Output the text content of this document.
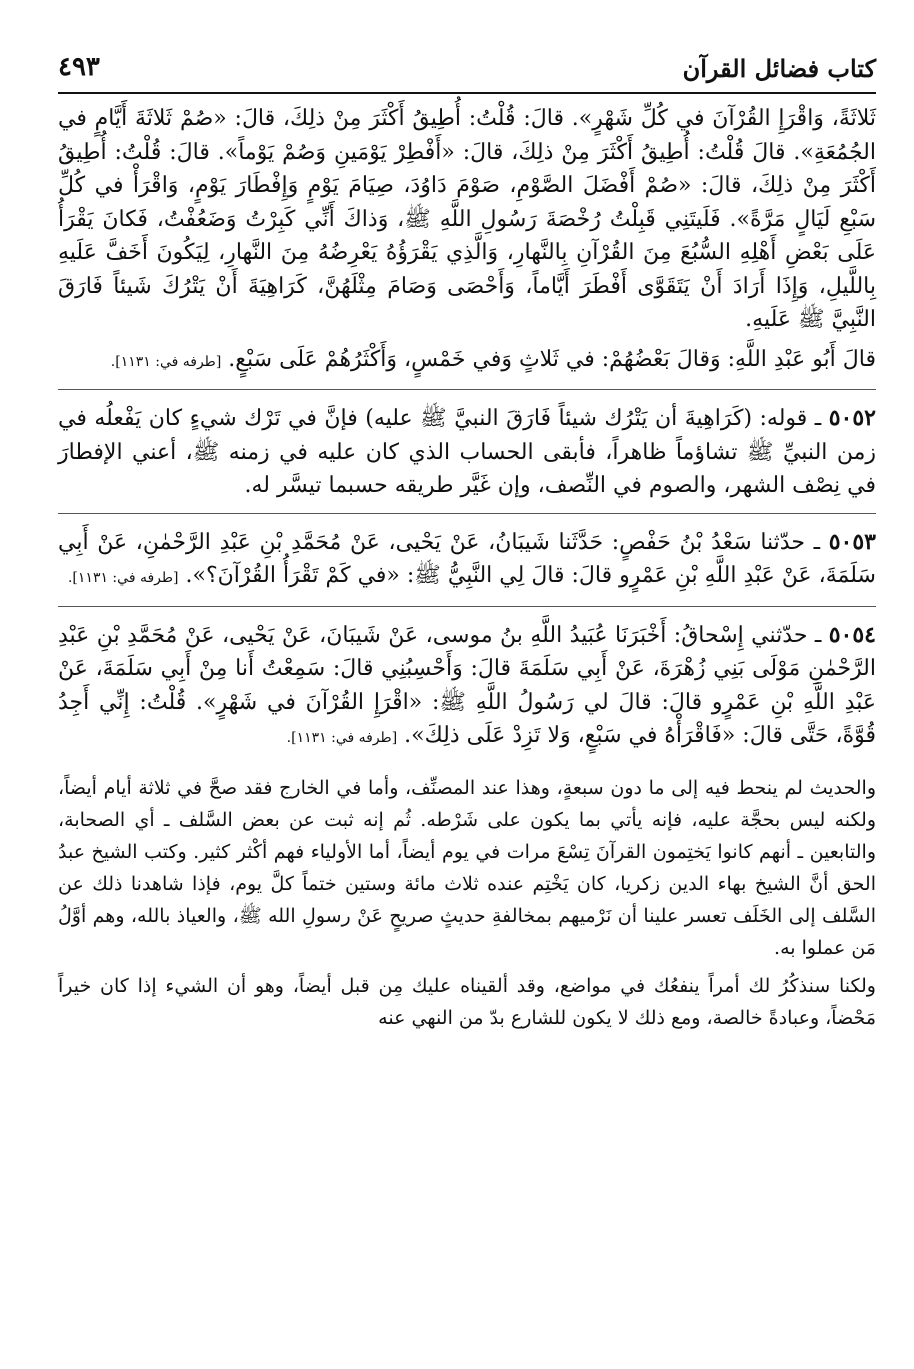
كتاب فضائل القرآن
٤٩٣

ثَلاثَةً، وَاقْرَإِ القُرْآنَ في كُلِّ شَهْرٍ». قالَ: قُلْتُ: أُطِيقُ أَكْثَرَ مِنْ ذلِكَ، قالَ: «صُمْ ثَلاثَةَ أَيَّامٍ في الجُمُعَةِ». قالَ قُلْتُ: أُطِيقُ أَكْثَرَ مِنْ ذلِكَ، قالَ: «أَفْطِرْ يَوْمَينِ وَصُمْ يَوْماً». قالَ: قُلْتُ: أُطِيقُ أَكْثَرَ مِنْ ذلِكَ، قالَ: «صُمْ أَفْضَلَ الصَّوْمِ، صَوْمَ دَاوُدَ، صِيَامَ يَوْمٍ وَإِفْطَارَ يَوْمٍ، وَاقْرَأْ في كُلِّ سَبْعِ لَيَالٍ مَرَّةً». فَلَيتَنِي قَبِلْتُ رُخْصَةَ رَسُولِ اللَّهِ ﷺ، وَذاكَ أَنِّي كَبِرْتُ وَضَعُفْتُ، فَكانَ يَقْرَأُ عَلَى بَعْضِ أَهْلِهِ السُّبُعَ مِنَ القُرْآنِ بِالنَّهارِ، وَالَّذِي يَقْرَؤُهُ يَعْرِضُهُ مِنَ النَّهارِ، لِيَكُونَ أَخَفَّ عَلَيهِ بِاللَّيلِ، وَإِذَا أَرَادَ أَنْ يَتَقَوَّى أَفْطَرَ أَيَّاماً، وَأَحْصَى وَصَامَ مِثْلَهُنَّ، كَرَاهِيَةَ أَنْ يَتْرُكَ شَيئاً فَارَقَ النَّبِيَّ ﷺ عَلَيهِ.

قالَ أَبُو عَبْدِ اللَّهِ: وَقالَ بَعْضُهُمْ: في ثَلاثٍ وَفي خَمْسٍ، وَأَكْثَرُهُمْ عَلَى سَبْعٍ. [طرفه في: ١١٣١].

٥٠٥٢ ـ قوله: (كَرَاهِيةَ أن يَتْرُك شيئاً فَارَقَ النبيَّ ﷺ عليه) فإنَّ في تَرْك شيءٍ كان يَفْعلُه في زمن النبيِّ ﷺ تشاؤماً ظاهراً، فأبقى الحساب الذي كان عليه في زمنه ﷺ، أعني الإفطارَ في نِصْف الشهر، والصوم في النِّصف، وإن غَيَّر طريقه حسبما تيسَّر له.

٥٠٥٣ ـ حدّثنا سَعْدُ بْنُ حَفْصٍ: حَدَّثَنا شَيبَانُ، عَنْ يَحْيى، عَنْ مُحَمَّدِ بْنِ عَبْدِ الرَّحْمٰنِ، عَنْ أَبِي سَلَمَةَ، عَنْ عَبْدِ اللَّهِ بْنِ عَمْرٍو قالَ: قالَ لِي النَّبِيُّ ﷺ: «في كَمْ تَقْرَأُ القُرْآنَ؟». [طرفه في: ١١٣١].

٥٠٥٤ ـ حدّثني إِسْحاقُ: أَخْبَرَنَا عُبَيدُ اللَّهِ بنُ موسى، عَنْ شَيبَانَ، عَنْ يَحْيى، عَنْ مُحَمَّدِ بْنِ عَبْدِ الرَّحْمٰنِ مَوْلَى بَنِي زُهْرَةَ، عَنْ أَبِي سَلَمَةَ قالَ: وَأَحْسِبُنِي قالَ: سَمِعْتُ أَنا مِنْ أَبِي سَلَمَةَ، عَنْ عَبْدِ اللَّهِ بْنِ عَمْرٍو قالَ: قالَ لي رَسُولُ اللَّهِ ﷺ: «اقْرَإِ القُرْآنَ في شَهْرٍ». قُلْتُ: إِنِّي أَجِدُ قُوَّةً، حَتَّى قالَ: «فَاقْرَأْهُ في سَبْعٍ، وَلا تَزِدْ عَلَى ذلِكَ». [طرفه في: ١١٣١].

والحديث لم ينحط فيه إلى ما دون سبعةٍ، وهذا عند المصنِّف، وأما في الخارج فقد صحَّ في ثلاثة أيام أيضاً، ولكنه ليس بحجَّة عليه، فإنه يأتي بما يكون على شَرْطه. ثُم إنه ثبت عن بعض السَّلف ـ أي الصحابة، والتابعين ـ أنهم كانوا يَختِمون القرآنَ تِسْعَ مرات في يوم أيضاً، أما الأولياء فهم أكْثر كثير. وكتب الشيخ عبدُ الحق أنَّ الشيخ بهاء الدين زكريا، كان يَخْتِم عنده ثلاث مائة وستين ختماً كلَّ يوم، فإذا شاهدنا ذلك عن السَّلف إلى الخَلَف تعسر علينا أن نَرْميهم بمخالفةِ حديثٍ صريحٍ عَنْ رسولِ الله ﷺ، والعياذ بالله، وهم أوَّلُ مَن عملوا به.

ولكنا سنذكُرُ لك أمراً ينفعُك في مواضع، وقد ألقيناه عليك مِن قبل أيضاً، وهو أن الشيء إذا كان خيراً مَحْضاً، وعبادةً خالصة، ومع ذلك لا يكون للشارع بدّ من النهي عنه
